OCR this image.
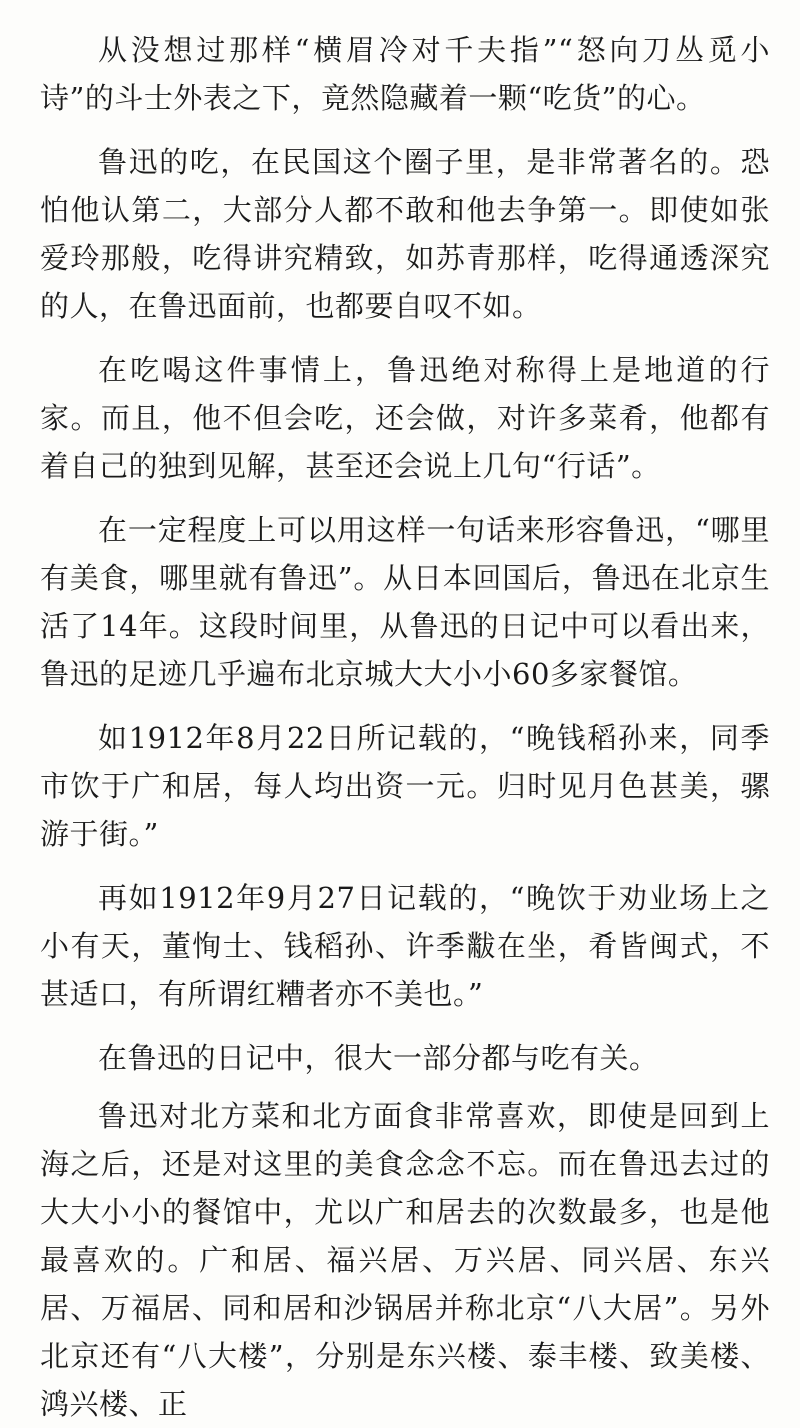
从没想过那样“横眉冷对千夫指”“怒向刀丛觅小诗”的斗士外表之下，竟然隐藏着一颗“吃货”的心。

鲁迅的吃，在民国这个圈子里，是非常著名的。恐怕他认第二，大部分人都不敢和他去争第一。即使如张爱玲那般，吃得讲究精致，如苏青那样，吃得通透深究的人，在鲁迅面前，也都要自叹不如。

在吃喝这件事情上，鲁迅绝对称得上是地道的行家。而且，他不但会吃，还会做，对许多菜肴，他都有着自己的独到见解，甚至还会说上几句“行话”。

在一定程度上可以用这样一句话来形容鲁迅，“哪里有美食，哪里就有鲁迅”。从日本回国后，鲁迅在北京生活了14年。这段时间里，从鲁迅的日记中可以看出来，鲁迅的足迹几乎遍布北京城大大小小60多家餐馆。

如1912年8月22日所记载的，“晚钱稻孙来，同季市饮于广和居，每人均出资一元。归时见月色甚美，骡游于街。”

再如1912年9月27日记载的，“晚饮于劝业场上之小有天，董恂士、钱稻孙、许季黻在坐，肴皆闽式，不甚适口，有所谓红糟者亦不美也。”

在鲁迅的日记中，很大一部分都与吃有关。

鲁迅对北方菜和北方面食非常喜欢，即使是回到上海之后，还是对这里的美食念念不忘。而在鲁迅去过的大大小小的餐馆中，尤以广和居去的次数最多，也是他最喜欢的。广和居、福兴居、万兴居、同兴居、东兴居、万福居、同和居和沙锅居并称北京“八大居”。另外北京还有“八大楼”，分别是东兴楼、泰丰楼、致美楼、鸿兴楼、正
